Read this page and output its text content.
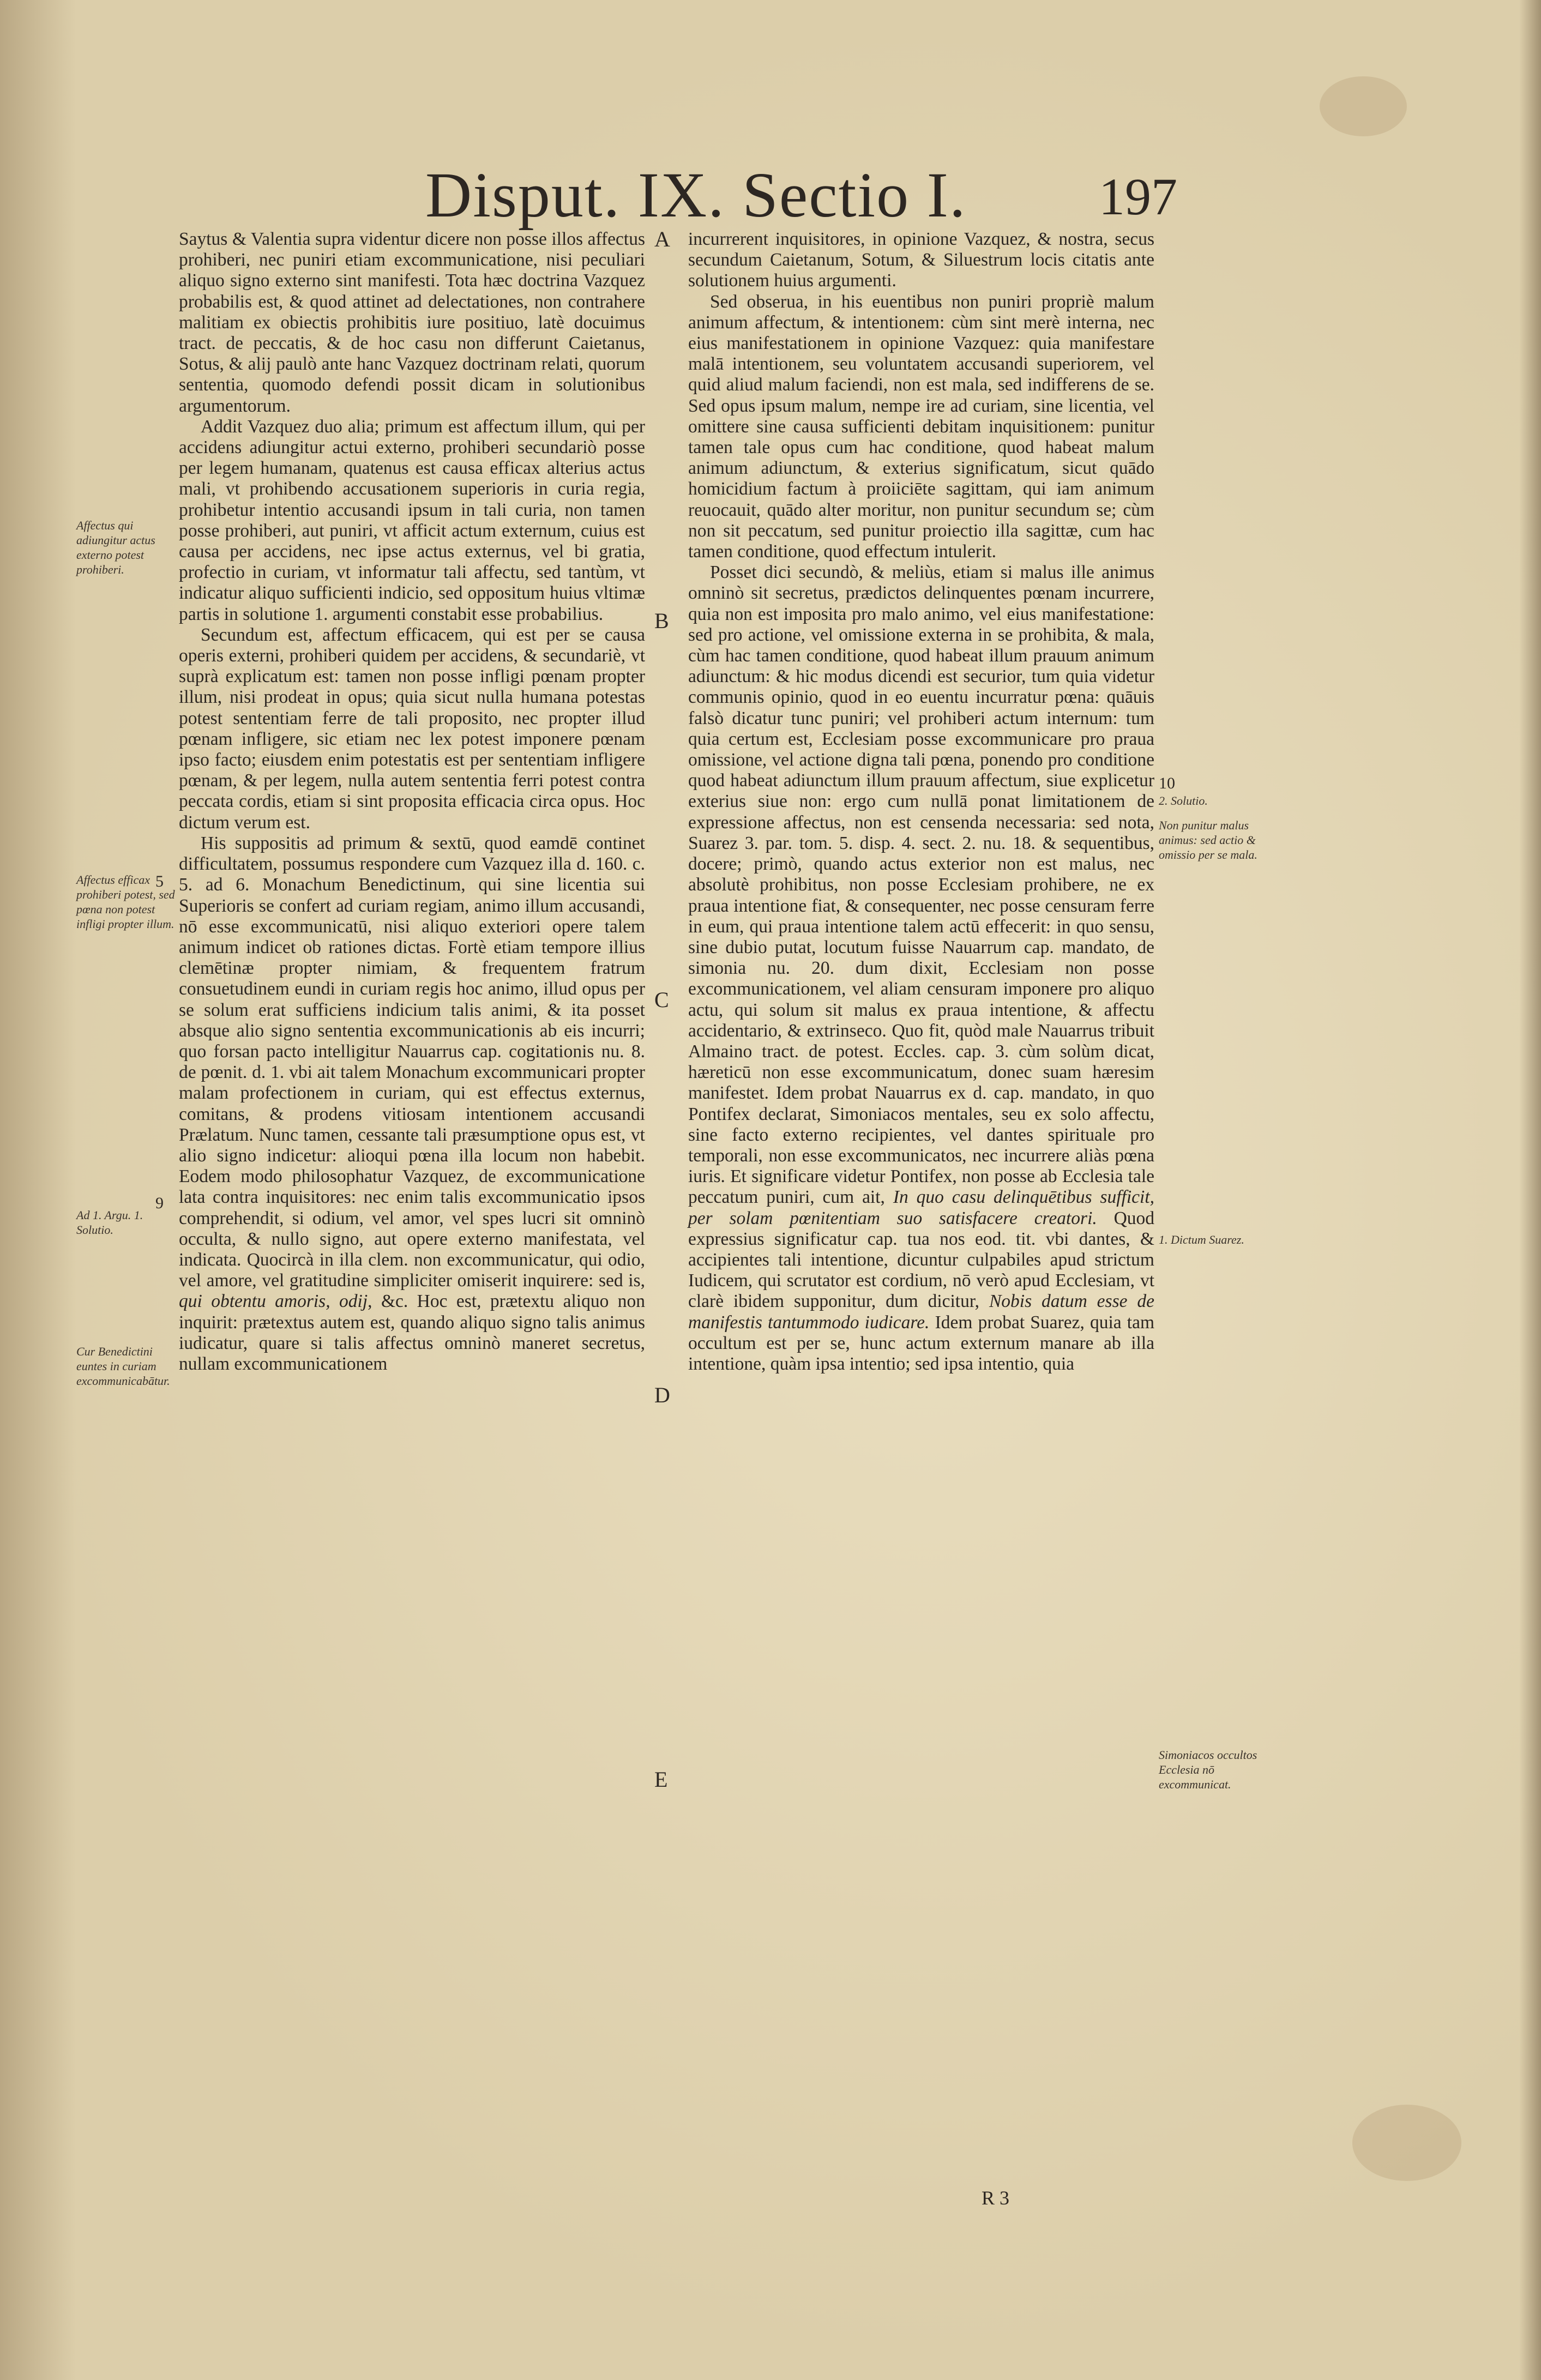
Disput. IX. Sectio I.	197
Affectus qui adiungitur actus externo potest prohiberi.
Affectus efficax prohiberi potest, sed pœna non potest infligi propter illum.
Ad 1. Argu. 1. Solutio.
Cur Benedictini euntes in curiam excommunicabātur.

Saytus & Valentia supra videntur dicere non posse illos affectus prohiberi, nec puniri etiam excommunicatione, nisi peculiari aliquo signo externo sint manifesti. Tota hæc doctrina Vazquez probabilis est, & quod attinet ad delectationes, non contrahere malitiam ex obiectis prohibitis iure positiuo, latè docuimus tract. de peccatis, & de hoc casu non differunt Caietanus, Sotus, & alij paulò ante hanc Vazquez doctrinam relati, quorum sententia, quomodo defendi possit dicam in solutionibus argumentorum.

Addit Vazquez duo alia; primum est affectum illum, qui per accidens adiungitur actui externo, prohiberi secundariò posse per legem humanam, quatenus est causa efficax alterius actus mali, vt prohibendo accusationem superioris in curia regia, prohibetur intentio accusandi ipsum in tali curia, non tamen posse prohiberi, aut puniri, vt afficit actum externum, cuius est causa per accidens, nec ipse actus externus, vel bi gratia, profectio in curiam, vt informatur tali affectu, sed tantùm, vt indicatur aliquo sufficienti indicio, sed oppositum huius vltimæ partis in solutione 1. argumenti constabit esse probabilius.

Secundum est, affectum efficacem, qui est per se causa operis externi, prohiberi quidem per accidens, & secundariè, vt suprà explicatum est: tamen non posse infligi pœnam propter illum, nisi prodeat in opus; quia sicut nulla humana potestas potest sententiam ferre de tali proposito, nec propter illud pœnam infligere, sic etiam nec lex potest imponere pœnam ipso facto; eiusdem enim potestatis est per sententiam infligere pœnam, & per legem, nulla autem sententia ferri potest contra peccata cordis, etiam si sint proposita efficacia circa opus. Hoc dictum verum est.

His suppositis ad primum & sextū, quod eamdē continet difficultatem, possumus respondere cum Vazquez illa d. 160. c. 5. ad 6. Monachum Benedictinum, qui sine licentia sui Superioris se confert ad curiam regiam, animo illum accusandi, nō esse excommunicatū, nisi aliquo exteriori opere talem animum indicet ob rationes dictas. Fortè etiam tempore illius clemētinæ propter nimiam, & frequentem fratrum consuetudinem eundi in curiam regis hoc animo, illud opus per se solum erat sufficiens indicium talis animi, & ita posset absque alio signo sententia excommunicationis ab eis incurri; quo forsan pacto intelligitur Nauarrus cap. cogitationis nu. 8. de pœnit. d. 1. vbi ait talem Monachum excommunicari propter malam profectionem in curiam, qui est effectus externus, comitans, & prodens vitiosam intentionem accusandi Prælatum. Nunc tamen, cessante tali præsumptione opus est, vt alio signo indicetur: alioqui pœna illa locum non habebit. Eodem modo philosophatur Vazquez, de excommunicatione lata contra inquisitores: nec enim talis excommunicatio ipsos comprehendit, si odium, vel amor, vel spes lucri sit omninò occulta, & nullo signo, aut opere externo manifestata, vel indicata. Quocircà in illa clem. non excommunicatur, qui odio, vel amore, vel gratitudine simpliciter omiserit inquirere: sed is, qui obtentu amoris, odij, &c. Hoc est, prætextu aliquo non inquirit: prætextus autem est, quando aliquo signo talis animus iudicatur, quare si talis affectus omninò maneret secretus, nullam excommunicationem

incurrerent inquisitores, in opinione Vazquez, & nostra, secus secundum Caietanum, Sotum, & Siluestrum locis citatis ante solutionem huius argumenti.

Sed obserua, in his euentibus non puniri propriè malum animum affectum, & intentionem: cùm sint merè interna, nec eius manifestationem in opinione Vazquez: quia manifestare malā intentionem, seu voluntatem accusandi superiorem, vel quid aliud malum faciendi, non est mala, sed indifferens de se. Sed opus ipsum malum, nempe ire ad curiam, sine licentia, vel omittere sine causa sufficienti debitam inquisitionem: punitur tamen tale opus cum hac conditione, quod habeat malum animum adiunctum, & exterius significatum, sicut quādo homicidium factum à proiiciēte sagittam, qui iam animum reuocauit, quādo alter moritur, non punitur secundum se; cùm non sit peccatum, sed punitur proiectio illa sagittæ, cum hac tamen conditione, quod effectum intulerit.

Posset dici secundò, & meliùs, etiam si malus ille animus omninò sit secretus, prædictos delinquentes pœnam incurrere, quia non est imposita pro malo animo, vel eius manifestatione: sed pro actione, vel omissione externa in se prohibita, & mala, cùm hac tamen conditione, quod habeat illum prauum animum adiunctum: & hic modus dicendi est securior, tum quia videtur communis opinio, quod in eo euentu incurratur pœna: quāuis falsò dicatur tunc puniri; vel prohiberi actum internum: tum quia certum est, Ecclesiam posse excommunicare pro praua omissione, vel actione digna tali pœna, ponendo pro conditione quod habeat adiunctum illum prauum affectum, siue explicetur exterius siue non: ergo cum nullā ponat limitationem de expressione affectus, non est censenda necessaria: sed nota, Suarez 3. par. tom. 5. disp. 4. sect. 2. nu. 18. & sequentibus, docere; primò, quando actus exterior non est malus, nec absolutè prohibitus, non posse Ecclesiam prohibere, ne ex praua intentione fiat, & consequenter, nec posse censuram ferre in eum, qui praua intentione talem actū effecerit: in quo sensu, sine dubio putat, locutum fuisse Nauarrum cap. mandato, de simonia nu. 20. dum dixit, Ecclesiam non posse excommunicationem, vel aliam censuram imponere pro aliquo actu, qui solum sit malus ex praua intentione, & affectu accidentario, & extrinseco. Quo fit, quòd male Nauarrus tribuit Almaino tract. de potest. Eccles. cap. 3. cùm solùm dicat, hæreticū non esse excommunicatum, donec suam hæresim manifestet. Idem probat Nauarrus ex d. cap. mandato, in quo Pontifex declarat, Simoniacos mentales, seu ex solo affectu, sine facto externo recipientes, vel dantes spirituale pro temporali, non esse excommunicatos, nec incurrere aliàs pœna iuris. Et significare videtur Pontifex, non posse ab Ecclesia tale peccatum puniri, cum ait, In quo casu delinquētibus sufficit, per solam pœnitentiam suo satisfacere creatori. Quod expressius significatur cap. tua nos eod. tit. vbi dantes, & accipientes tali intentione, dicuntur culpabiles apud strictum Iudicem, qui scrutator est cordium, nō verò apud Ecclesiam, vt clarè ibidem supponitur, dum dicitur, Nobis datum esse de manifestis tantummodo iudicare. Idem probat Suarez, quia tam occultum est per se, hunc actum externum manare ab illa intentione, quàm ipsa intentio; sed ipsa intentio, quia

A
B
C
D
E
5
9
10
2. Solutio.
Non punitur malus animus: sed actio & omissio per se mala.
1. Dictum Suarez.
Simoniacos occultos Ecclesia nō excommunicat.
R 3
